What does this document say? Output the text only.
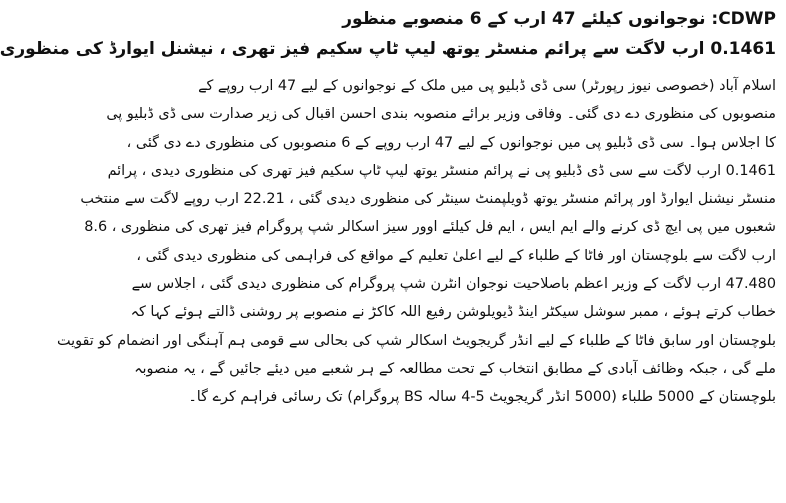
CDWP: نوجوانوں کیلئے 47 ارب کے 6 منصوبے منظور
0.1461 ارب لاگت سے پرائم منسٹر یوتھ لیپ ٹاپ سکیم فیز تھری ، نیشنل ایوارڈ کی منظوری
اسلام آباد (خصوصی نیوز رپورٹر) سی ڈی ڈبلیو پی میں ملک کے نوجوانوں کے لیے 47 ارب روپے کے
منصوبوں کی منظوری دے دی گئی۔ وفاقی وزیر برائے منصوبہ بندی احسن اقبال کی زیر صدارت سی ڈی ڈبلیو پی
کا اجلاس ہوا۔ سی ڈی ڈبلیو پی میں نوجوانوں کے لیے 47 ارب روپے کے 6 منصوبوں کی منظوری دے دی گئی ،
0.1461 ارب لاگت سے سی ڈی ڈبلیو پی نے پرائم منسٹر یوتھ لیپ ٹاپ سکیم فیز تھری کی منظوری دیدی ، پرائم
منسٹر نیشنل ایوارڈ اور پرائم منسٹر یوتھ ڈویلپمنٹ سینٹر کی منظوری دیدی گئی ، 22.21 ارب روپے لاگت سے منتخب
شعبوں میں پی ایچ ڈی کرنے والے ایم ایس ، ایم فل کیلئے اوور سیز اسکالر شپ پروگرام فیز تھری کی منظوری ، 8.6
ارب لاگت سے بلوچستان اور فاٹا کے طلباء کے لیے اعلیٰ تعلیم کے مواقع کی فراہمی کی منظوری دیدی گئی ،
47.480 ارب لاگت کے وزیر اعظم باصلاحیت نوجوان انٹرن شپ پروگرام کی منظوری دیدی گئی ، اجلاس سے
خطاب کرتے ہوئے ، ممبر سوشل سیکٹر اینڈ ڈیویلوشن رفیع اللہ کاکڑ نے منصوبے پر روشنی ڈالتے ہوئے کہا کہ
بلوچستان اور سابق فاٹا کے طلباء کے لیے انڈر گریجویٹ اسکالر شپ کی بحالی سے قومی ہم آہنگی اور انضمام کو تقویت
ملے گی ، جبکہ وظائف آبادی کے مطابق انتخاب کے تحت مطالعہ کے ہر شعبے میں دیئے جائیں گے ، یہ منصوبہ
بلوچستان کے 5000 طلباء (5000 انڈر گریجویٹ 5-4 سالہ BS پروگرام) تک رسائی فراہم کرے گا۔
